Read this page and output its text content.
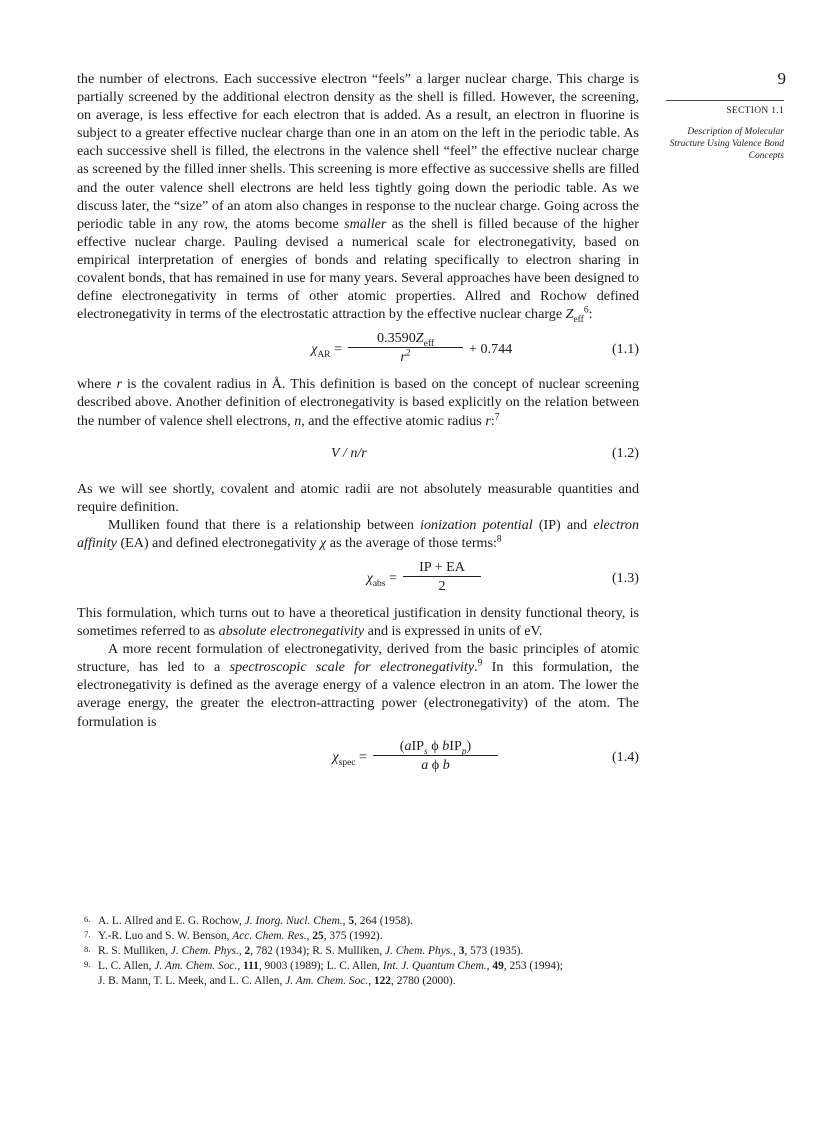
9
SECTION 1.1
Description of Molecular Structure Using Valence Bond Concepts

the number of electrons. Each successive electron “feels” a larger nuclear charge. This charge is partially screened by the additional electron density as the shell is filled. However, the screening, on average, is less effective for each electron that is added. As a result, an electron in fluorine is subject to a greater effective nuclear charge than one in an atom on the left in the periodic table. As each successive shell is filled, the electrons in the valence shell “feel” the effective nuclear charge as screened by the filled inner shells. This screening is more effective as successive shells are filled and the outer valence shell electrons are held less tightly going down the periodic table. As we discuss later, the “size” of an atom also changes in response to the nuclear charge. Going across the periodic table in any row, the atoms become smaller as the shell is filled because of the higher effective nuclear charge. Pauling devised a numerical scale for electronegativity, based on empirical interpretation of energies of bonds and relating specifically to electron sharing in covalent bonds, that has remained in use for many years. Several approaches have been designed to define electronegativity in terms of other atomic properties. Allred and Rochow defined electronegativity in terms of the electrostatic attraction by the effective nuclear charge $Z_{eff}^6$:

$\chi_{AR}$ =
$0.3590Z_{eff}$
$r^2$	+ 0.744	(1.1)

where r is the covalent radius in Å. This definition is based on the concept of nuclear screening described above. Another definition of electronegativity is based explicitly on the relation between the number of valence shell electrons, n, and the effective atomic radius r:$^7$

V / n/r	(1.2)

As we will see shortly, covalent and atomic radii are not absolutely measurable quantities and require definition.

Mulliken found that there is a relationship between ionization potential (IP) and electron affinity (EA) and defined electronegativity χ as the average of those terms:$^8$

$\chi_{abs} = \frac{IP + EA}{2}$	(1.3)

This formulation, which turns out to have a theoretical justification in density functional theory, is sometimes referred to as absolute electronegativity and is expressed in units of eV.

A more recent formulation of electronegativity, derived from the basic principles of atomic structure, has led to a spectroscopic scale for electronegativity.$^9$ In this formulation, the electronegativity is defined as the average energy of a valence electron in an atom. The lower the average energy, the greater the electron-attracting power (electronegativity) of the atom. The formulation is

$\chi_{spec}$ =
(aIP$_s$ ϕ bIP$_p$)
a ϕ b	(1.4)
6. A. L. Allred and E. G. Rochow, J. Inorg. Nucl. Chem., 5, 264 (1958).
7. Y.-R. Luo and S. W. Benson, Acc. Chem. Res., 25, 375 (1992).
8. R. S. Mulliken, J. Chem. Phys., 2, 782 (1934); R. S. Mulliken, J. Chem. Phys., 3, 573 (1935).
9. L. C. Allen, J. Am. Chem. Soc., 111, 9003 (1989); L. C. Allen, Int. J. Quantum Chem., 49, 253 (1994);
J. B. Mann, T. L. Meek, and L. C. Allen, J. Am. Chem. Soc., 122, 2780 (2000).
